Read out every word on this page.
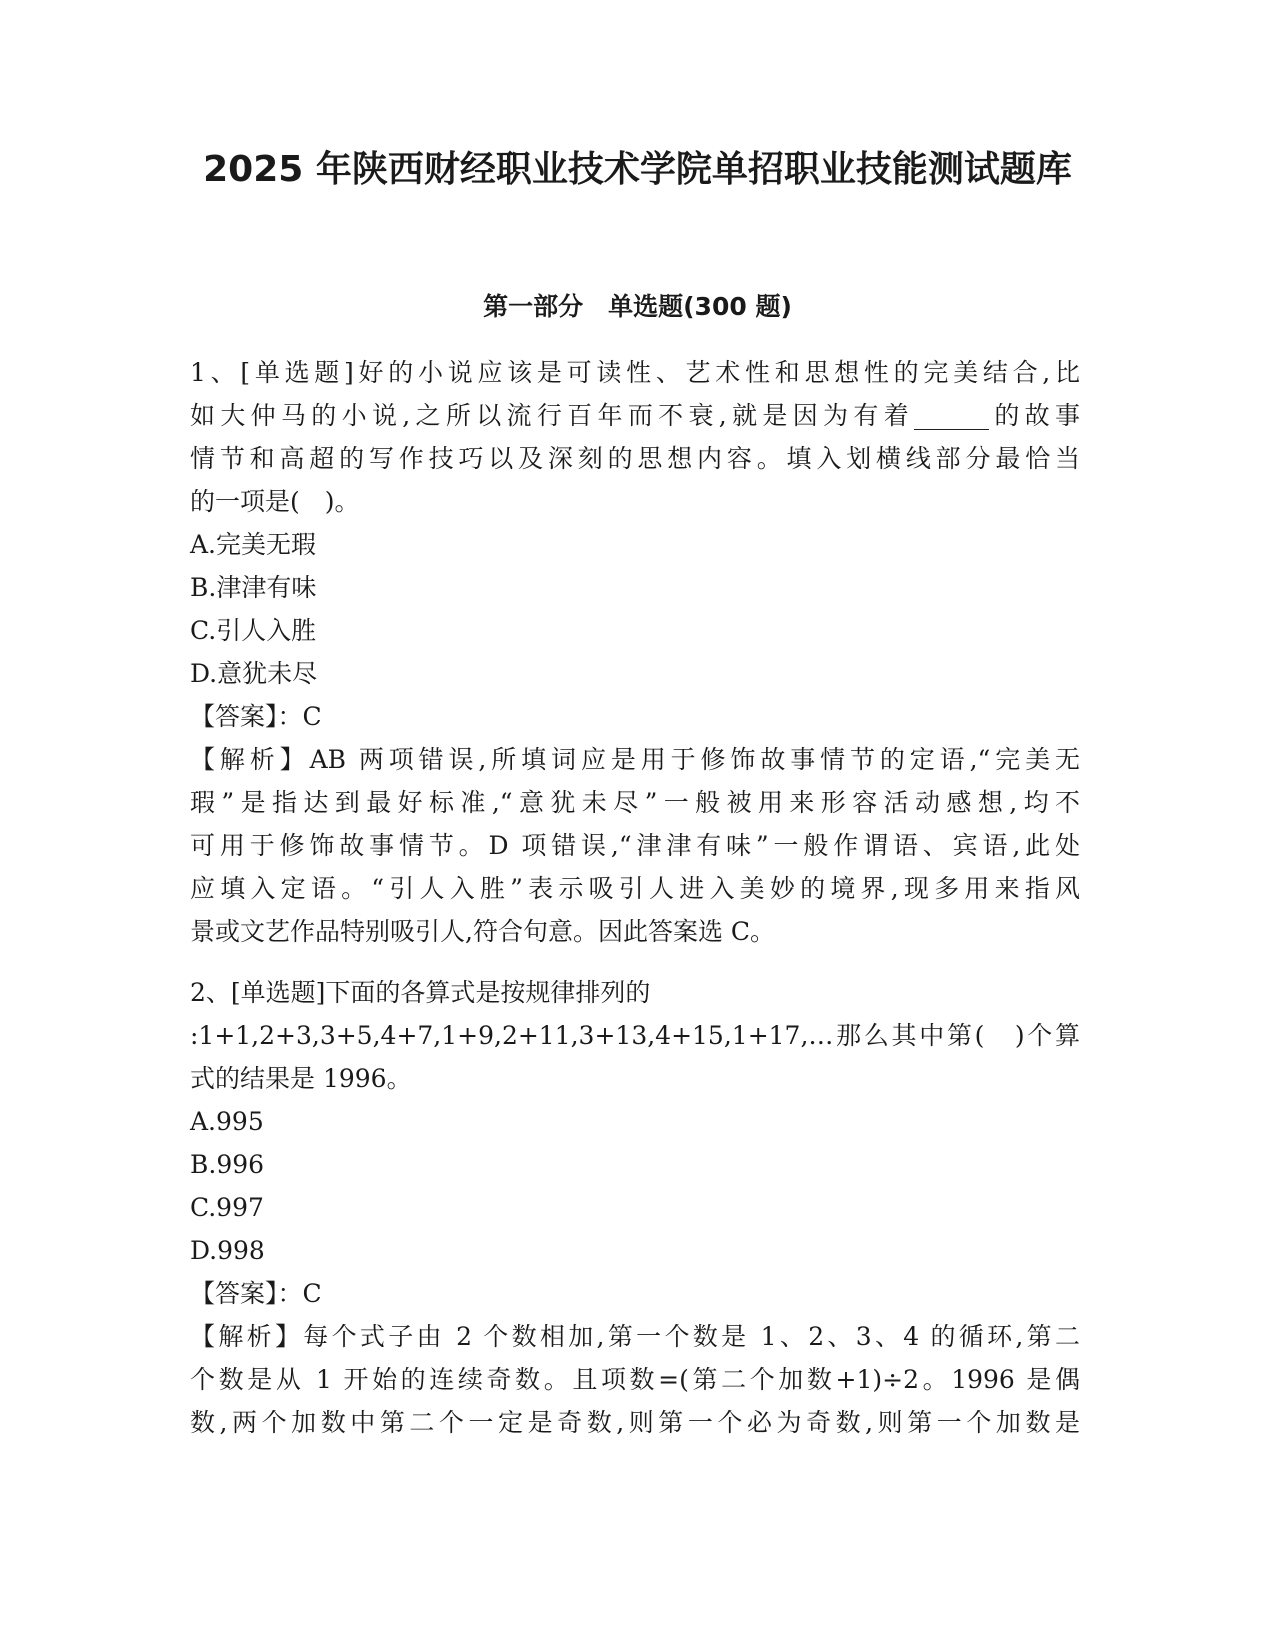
2025 年陕西财经职业技术学院单招职业技能测试题库
第一部分　单选题(300 题)
1、[单选题]好的小说应该是可读性、艺术性和思想性的完美结合,比
如大仲马的小说,之所以流行百年而不衰,就是因为有着______的故事
情节和高超的写作技巧以及深刻的思想内容。填入划横线部分最恰当
的一项是(　)。
A.完美无瑕
B.津津有味
C.引人入胜
D.意犹未尽
【答案】：C
【解析】AB 两项错误,所填词应是用于修饰故事情节的定语,“完美无
瑕”是指达到最好标准,“意犹未尽”一般被用来形容活动感想,均不
可用于修饰故事情节。D 项错误,“津津有味”一般作谓语、宾语,此处
应填入定语。“引人入胜”表示吸引人进入美妙的境界,现多用来指风
景或文艺作品特别吸引人,符合句意。因此答案选 C。
2、[单选题]下面的各算式是按规律排列的
:1+1,2+3,3+5,4+7,1+9,2+11,3+13,4+15,1+17,…那么其中第(　)个算
式的结果是 1996。
A.995
B.996
C.997
D.998
【答案】：C
【解析】每个式子由 2 个数相加,第一个数是 1、2、3、4 的循环,第二
个数是从 1 开始的连续奇数。且项数=(第二个加数+1)÷2。1996 是偶
数,两个加数中第二个一定是奇数,则第一个必为奇数,则第一个加数是
